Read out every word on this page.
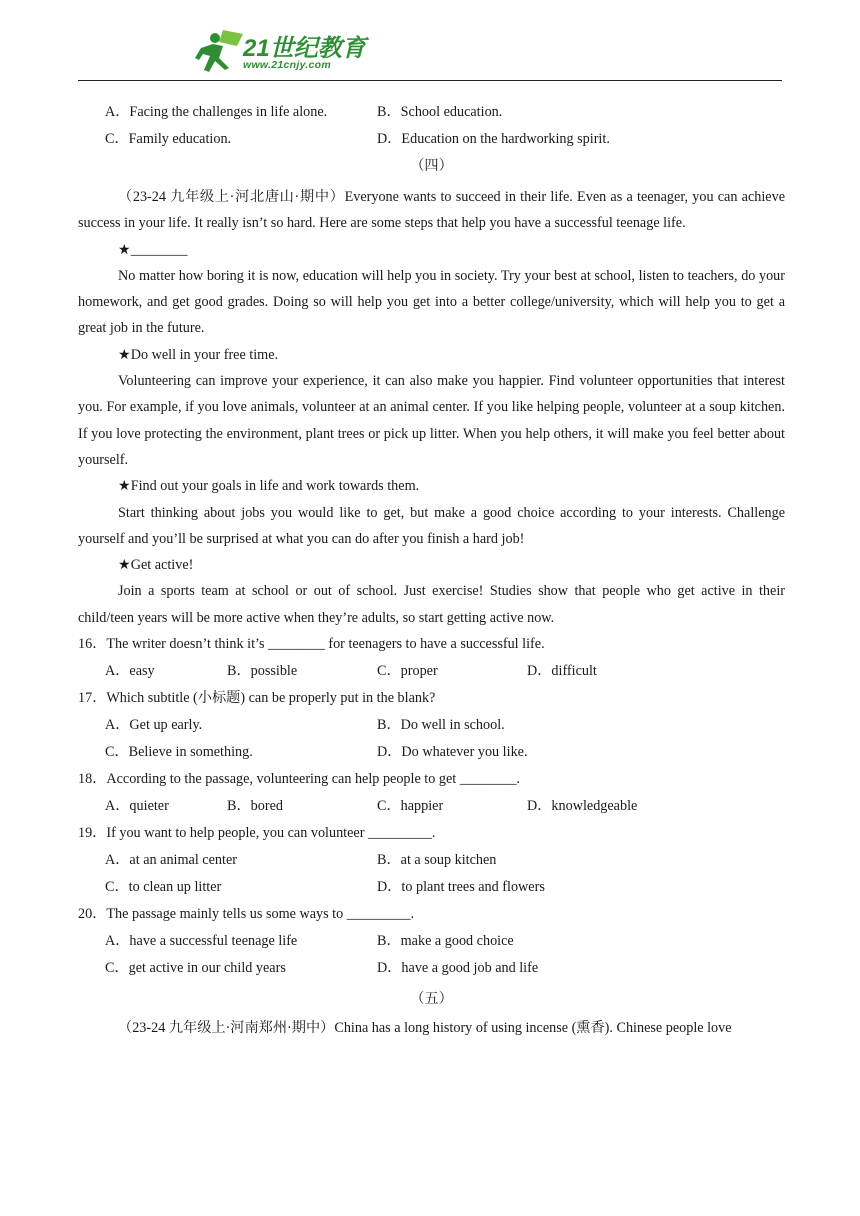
21世纪教育
www.21cnjy.com
A．Facing the challenges in life alone.	B．School education.
C．Family education.	D．Education on the hardworking spirit.
（四）

（23-24 九年级上·河北唐山·期中）Everyone wants to succeed in their life. Even as a teenager, you can achieve success in your life. It really isn’t so hard. Here are some steps that help you have a successful teenage life.

★________

No matter how boring it is now, education will help you in society. Try your best at school, listen to teachers, do your homework, and get good grades. Doing so will help you get into a better college/university, which will help you to get a great job in the future.

★Do well in your free time.

Volunteering can improve your experience, it can also make you happier. Find volunteer opportunities that interest you. For example, if you love animals, volunteer at an animal center. If you like helping people, volunteer at a soup kitchen. If you love protecting the environment, plant trees or pick up litter. When you help others, it will make you feel better about yourself.

★Find out your goals in life and work towards them.

Start thinking about jobs you would like to get, but make a good choice according to your interests. Challenge yourself and you’ll be surprised at what you can do after you finish a hard job!

★Get active!

Join a sports team at school or out of school. Just exercise! Studies show that people who get active in their child/teen years will be more active when they’re adults, so start getting active now.

16．The writer doesn’t think it’s ________ for teenagers to have a successful life.
A．easy	B．possible	C．proper	D．difficult
17．Which subtitle (小标题) can be properly put in the blank?
A．Get up early.	B．Do well in school.
C．Believe in something.	D．Do whatever you like.
18．According to the passage, volunteering can help people to get ________.
A．quieter	B．bored	C．happier	D．knowledgeable
19．If you want to help people, you can volunteer _________.
A．at an animal center	B．at a soup kitchen
C．to clean up litter	D．to plant trees and flowers
20．The passage mainly tells us some ways to _________.
A．have a successful teenage life	B．make a good choice
C．get active in our child years	D．have a good job and life
（五）
（23-24 九年级上·河南郑州·期中）China has a long history of using incense (熏香). Chinese people love
